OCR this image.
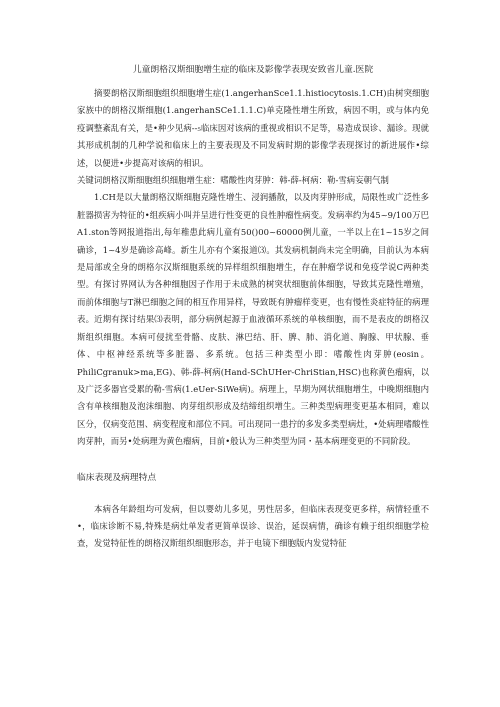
儿童朗格汉斯细胞增生症的临床及影像学表现安致省儿童.医院

摘要朗格汉斯细胞组织细胞增生症(1.angerhanSce1.1.histiocytosis.1.CH)由树突细胞家族中的朗格汉斯细胞(1.angerhanSCe1.1.1.C)单克隆性增生所致，病因不明，或与体内免疫调整紊乱有关，是•种少见病--₅临床因对该病的重视或相识不足等，易造成误诊、漏诊。现就其形成机制的几种学说和临床上的主要表现及不同发病时期的影像学表现探讨的新进展作•综述，以便进•步提高对该病的相识。

关键词朗格汉斯细胞组织细胞增生症：嗜酸性肉芽肿：韩-薛-柯病：勒-雪病妄朝气制

1.CH是以大量朗格汉斯细胞克隆性增生、浸润播散，以及肉芽肿形成，局限性或广泛性多脏器损害为特征的•组疾病小叫并呈进行性变更的良性肿瘤性病变。发病率约为45~9/100万巴A1.ston等网报道指出,每年稚患此病儿童有50()00~60000例儿童，一半以上在1~15岁之间确诊，1~4岁是确诊高峰。新生儿亦有个案报道⑶。其发病机制尚未完全明确，目前认为本病是局部或全身的朗格尔汉斯细胞系统的异样组织细胞增生，存在肿瘤学说和免疫学说C两种类型。有探讨界网认为各种细胞因子作用于未成熟的树突状细胞前体细胞，导致其克隆性增殖，而前体细胞与T淋巴细胞之间的相互作用异样，导致既有肿瘤样变更，也有慢性炎症特征的病理表。近期有探讨结果⑶表明，部分病例起源于血液循环系统的单核细胞，而不是表皮的朗格汉斯组织细胞。本病可侵扰至骨骼、皮肤、淋巴结、肝、脾、肺、消化道、胸腺、甲状腺、垂体、中枢神经系统等多脏器、多系统。包括三种类型小即：嗜酸性肉芽肿(eosin。PhiliCgranuk>ma,EG)、韩-薛-柯病(Hand-SChUHer-ChriStian,HSC)也称黄色瘤病，以及广泛多器官受累的勒-雪病(1.eUer-SiWe病)。病理上，早期为网状细胞增生，中晚期细胞内含有单核细胞及泡沫细胞、肉芽组织形成及结缔组织增生。三种类型病理变更基本相同，难以区分，仅病变范围、病变程度和部位不同。可出现同一患拧的多发多类型病灶，•处病理嗜酸性肉芽肿，而另•处病理为黄色瘤病，目前•般认为三种类型为同・基本病理变更的不同阶段。

临床表现及病理特点

本病各年龄组均可发病，但以婴幼儿多见，男性居多，但临床表现变更多样，病情轻重不•，临床诊断不易,特殊是病灶单发者更简单误诊、误治，延误病情，确诊有赖于组织细胞学检查，发觉特征性的朗格汉斯组织细胞形态，并于电镜下细胞版内发觉特征
